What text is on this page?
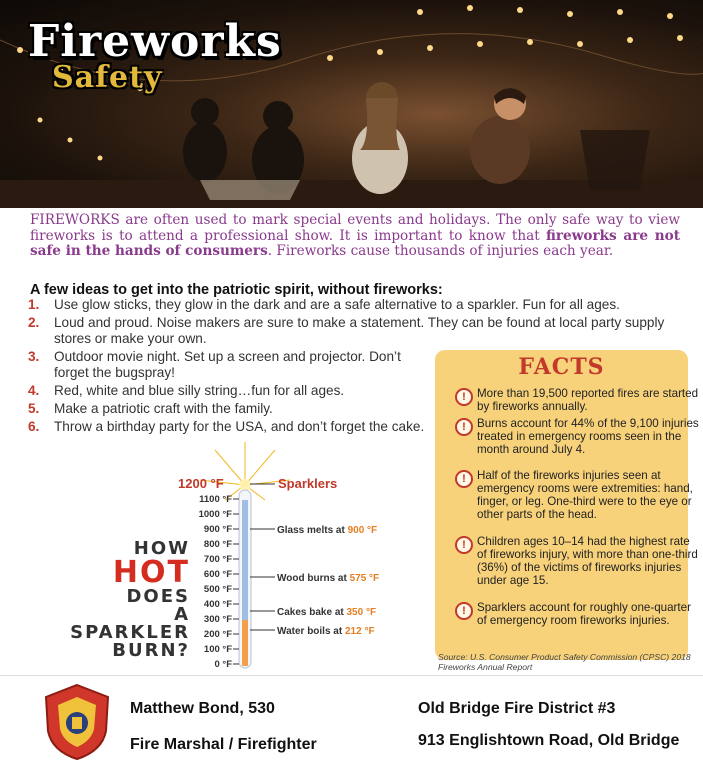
Fireworks
Safety
FIREWORKS are often used to mark special events and holidays. The only safe way to view fireworks is to attend a professional show. It is important to know that fireworks are not safe in the hands of consumers. Fireworks cause thousands of injuries each year.
A few ideas to get into the patriotic spirit, without fireworks:
1. Use glow sticks, they glow in the dark and are a safe alternative to a sparkler. Fun for all ages.
2. Loud and proud. Noise makers are sure to make a statement. They can be found at local party supply stores or make your own.
3. Outdoor movie night. Set up a screen and projector. Don’t forget the bugspray!
4. Red, white and blue silly string…fun for all ages.
5. Make a patriotic craft with the family.
6. Throw a birthday party for the USA, and don’t forget the cake.
FACTS
! More than 19,500 reported fires are started by fireworks annually.
! Burns account for 44% of the 9,100 injuries treated in emergency rooms seen in the month around July 4.
! Half of the fireworks injuries seen at emergency rooms were extremities: hand, finger, or leg. One-third were to the eye or other parts of the head.
! Children ages 10–14 had the highest rate of fireworks injury, with more than one-third (36%) of the victims of fireworks injuries under age 15.
! Sparklers account for roughly one-quarter of emergency room fireworks injuries.
Source: U.S. Consumer Product Safety Commission (CPSC) 2018 Fireworks Annual Report
1100 °F
1000 °F
900 °F
800 °F
700 °F
600 °F
500 °F
400 °F
300 °F
200 °F
100 °F
0 °F
1200 °F	Sparklers
Glass melts at 900 °F
Wood burns at 575 °F
Cakes bake at 350 °F
Water boils at 212 °F
HOW
HOT
DOES
A
SPARKLER
BURN?
Matthew Bond, 530
Fire Marshal / Firefighter
Old Bridge Fire District #3
913 Englishtown Road, Old Bridge
